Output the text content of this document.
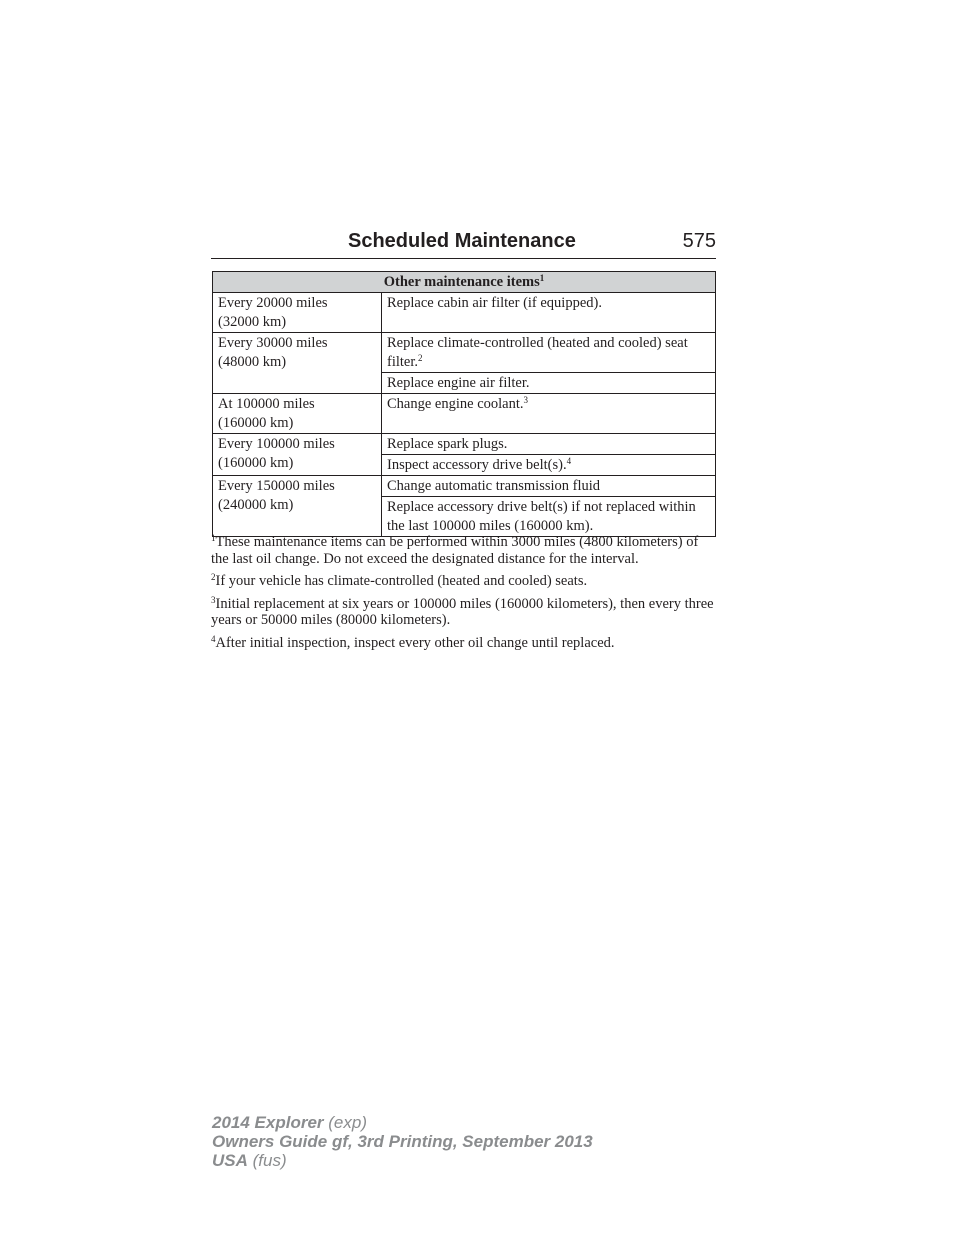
Scheduled Maintenance	575
Other maintenance items$^1$

Every 20000 miles
(32000 km)	Replace cabin air filter (if equipped).

Every 30000 miles
(48000 km)	Replace climate-controlled (heated and cooled) seat filter.$^2$
	Replace engine air filter.

At 100000 miles
(160000 km)	Change engine coolant.$^3$

Every 100000 miles
(160000 km)	Replace spark plugs.
	Inspect accessory drive belt(s).$^4$

Every 150000 miles
(240000 km)	Change automatic transmission fluid
	Replace accessory drive belt(s) if not replaced within the last 100000 miles (160000 km).

$^1$These maintenance items can be performed within 3000 miles (4800 kilometers) of the last oil change. Do not exceed the designated distance for the interval.

$^2$If your vehicle has climate-controlled (heated and cooled) seats.

$^3$Initial replacement at six years or 100000 miles (160000 kilometers), then every three years or 50000 miles (80000 kilometers).

$^4$After initial inspection, inspect every other oil change until replaced.

2014 Explorer (exp)
Owners Guide gf, 3rd Printing, September 2013
USA (fus)
